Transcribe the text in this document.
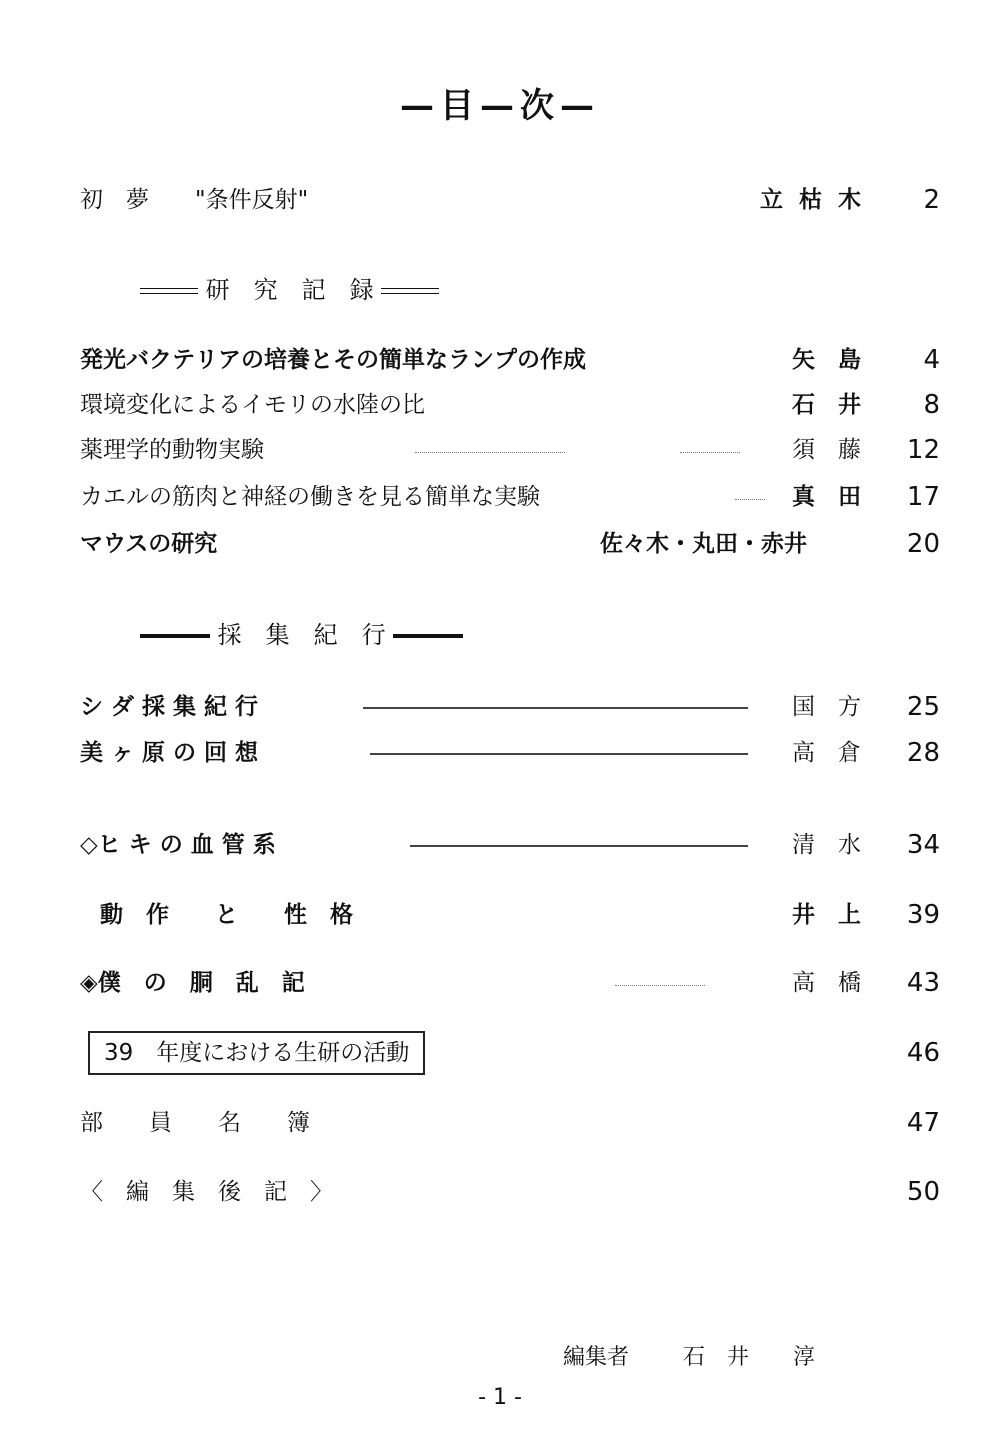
—目—次—
初　夢　　"条件反射"	立 枯 木	2
研　究　記　録
発光バクテリアの培養とその簡単なランプの作成	矢　島	4
環境変化によるイモリの水陸の比	石　井	8
薬理学的動物実験	須　藤	12
カエルの筋肉と神経の働きを見る簡単な実験	真　田	17
マウスの研究	佐々木・丸田・赤井	20
採　集　紀　行
シ ダ 採 集 紀 行	国　方	25
美 ヶ 原 の 回 想	高　倉	28
◇ヒ キ の 血 管 系	清　水	34
動　作　　と　　性　格	井　上	39
◈僕　の　胴　乱　記	高　橋	43
39　年度における生研の活動	46
部　　員　　名　　簿	47
〈　編　集　後　記　〉	50
編集者 石　井　　淳
- 1 -
